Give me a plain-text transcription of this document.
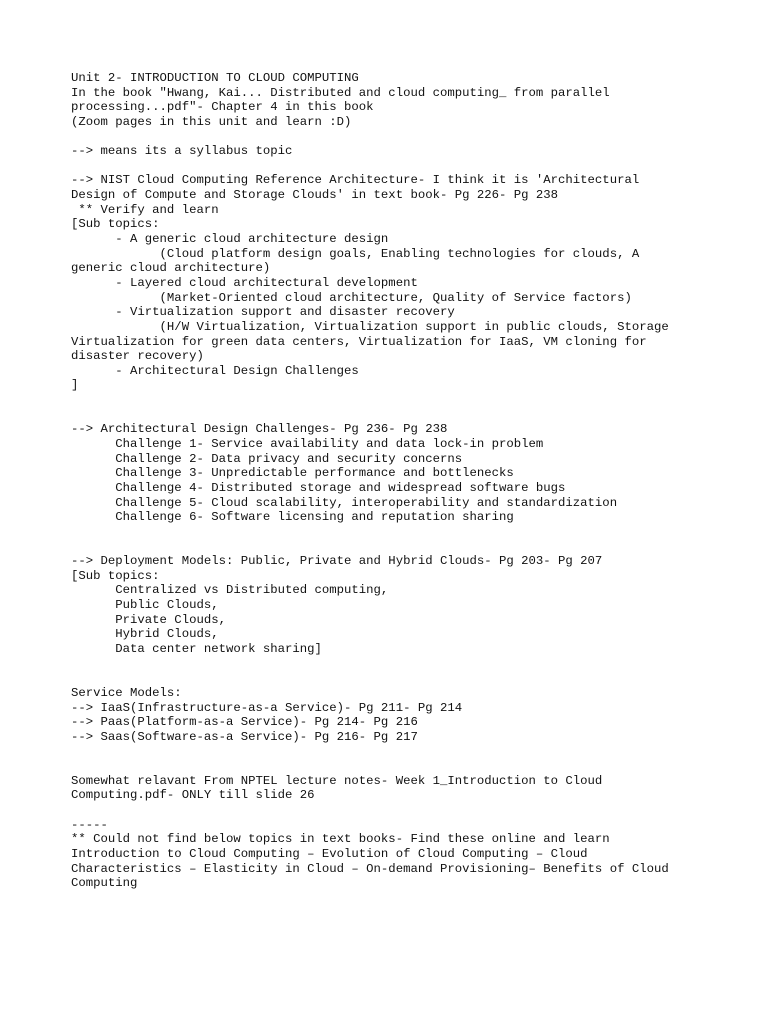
Unit 2- INTRODUCTION TO CLOUD COMPUTING
In the book "Hwang, Kai... Distributed and cloud computing_ from parallel
processing...pdf"- Chapter 4 in this book
(Zoom pages in this unit and learn :D)
--> means its a syllabus topic
--> NIST Cloud Computing Reference Architecture- I think it is 'Architectural
Design of Compute and Storage Clouds' in text book- Pg 226- Pg 238
** Verify and learn
[Sub topics:
- A generic cloud architecture design
(Cloud platform design goals, Enabling technologies for clouds, A
generic cloud architecture)
- Layered cloud architectural development
(Market-Oriented cloud architecture, Quality of Service factors)
- Virtualization support and disaster recovery
(H/W Virtualization, Virtualization support in public clouds, Storage
Virtualization for green data centers, Virtualization for IaaS, VM cloning for
disaster recovery)
- Architectural Design Challenges
]
--> Architectural Design Challenges- Pg 236- Pg 238
Challenge 1- Service availability and data lock-in problem
Challenge 2- Data privacy and security concerns
Challenge 3- Unpredictable performance and bottlenecks
Challenge 4- Distributed storage and widespread software bugs
Challenge 5- Cloud scalability, interoperability and standardization
Challenge 6- Software licensing and reputation sharing
--> Deployment Models: Public, Private and Hybrid Clouds- Pg 203- Pg 207
[Sub topics:
Centralized vs Distributed computing,
Public Clouds,
Private Clouds,
Hybrid Clouds,
Data center network sharing]
Service Models:
--> IaaS(Infrastructure-as-a Service)- Pg 211- Pg 214
--> Paas(Platform-as-a Service)- Pg 214- Pg 216
--> Saas(Software-as-a Service)- Pg 216- Pg 217
Somewhat relavant From NPTEL lecture notes- Week 1_Introduction to Cloud
Computing.pdf- ONLY till slide 26
-----
** Could not find below topics in text books- Find these online and learn
Introduction to Cloud Computing – Evolution of Cloud Computing – Cloud
Characteristics – Elasticity in Cloud – On-demand Provisioning– Benefits of Cloud
Computing
